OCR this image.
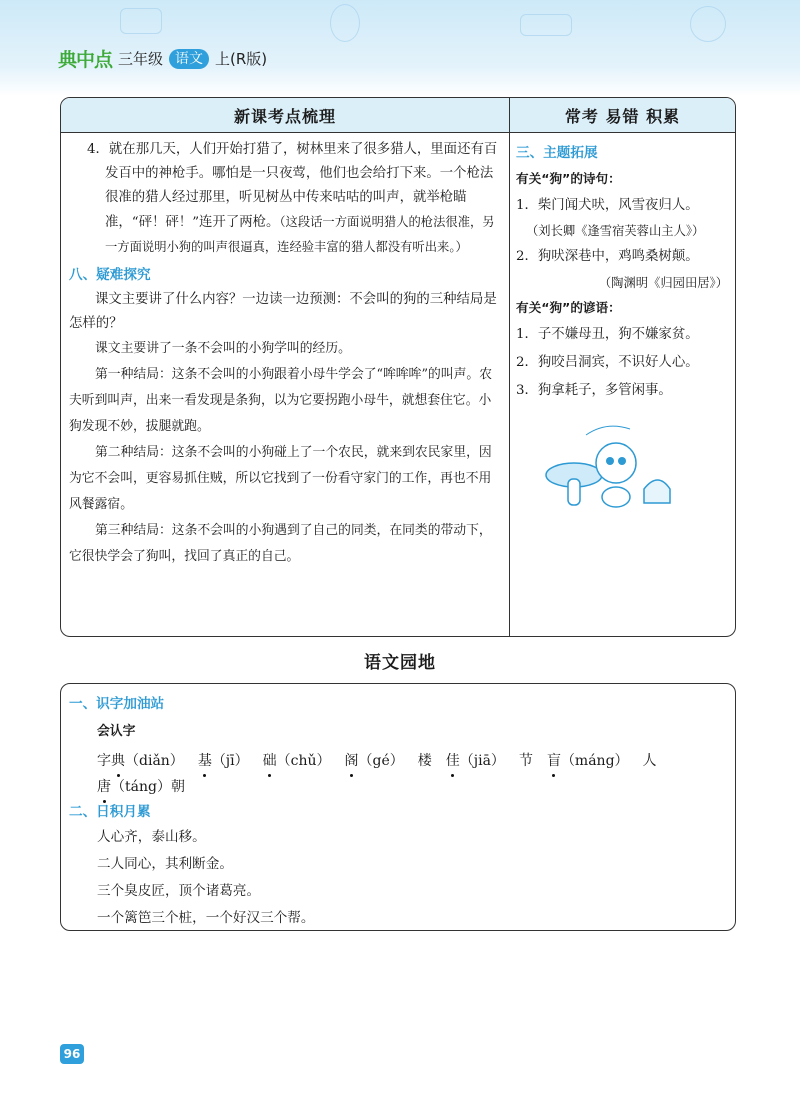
典中点 三年级 语文 上(R版)
新课考点梳理	常考 易错 积累

4．就在那几天，人们开始打猎了，树林里来了很多猎人，里面还有百发百中的神枪手。哪怕是一只夜莺，他们也会给打下来。一个枪法很准的猎人经过那里，听见树丛中传来咕咕的叫声，就举枪瞄准，“砰！砰！”连开了两枪。（这段话一方面说明猎人的枪法很准，另一方面说明小狗的叫声很逼真，连经验丰富的猎人都没有听出来。）

八、疑难探究

课文主要讲了什么内容？一边读一边预测：不会叫的狗的三种结局是怎样的？

课文主要讲了一条不会叫的小狗学叫的经历。

第一种结局：这条不会叫的小狗跟着小母牛学会了“哞哞哞”的叫声。农夫听到叫声，出来一看发现是条狗，以为它要拐跑小母牛，就想套住它。小狗发现不妙，拔腿就跑。

第二种结局：这条不会叫的小狗碰上了一个农民，就来到农民家里，因为它不会叫，更容易抓住贼，所以它找到了一份看守家门的工作，再也不用风餐露宿。

第三种结局：这条不会叫的小狗遇到了自己的同类，在同类的带动下，它很快学会了狗叫，找回了真正的自己。

三、主题拓展

有关“狗”的诗句：

1．柴门闻犬吠，风雪夜归人。

（刘长卿《逢雪宿芙蓉山主人》）

2．狗吠深巷中，鸡鸣桑树颠。

（陶渊明《归园田居》）

有关“狗”的谚语：

1．子不嫌母丑，狗不嫌家贫。

2．狗咬吕洞宾，不识好人心。

3．狗拿耗子，多管闲事。

语文园地

一、识字加油站

会认字

字典（diǎn） 基（jī） 础（chǔ） 阁（gé） 楼 佳（jiā） 节 盲（máng） 人

唐（táng）朝

二、日积月累

人心齐，泰山移。

二人同心，其利断金。

三个臭皮匠，顶个诸葛亮。

一个篱笆三个桩，一个好汉三个帮。

96
